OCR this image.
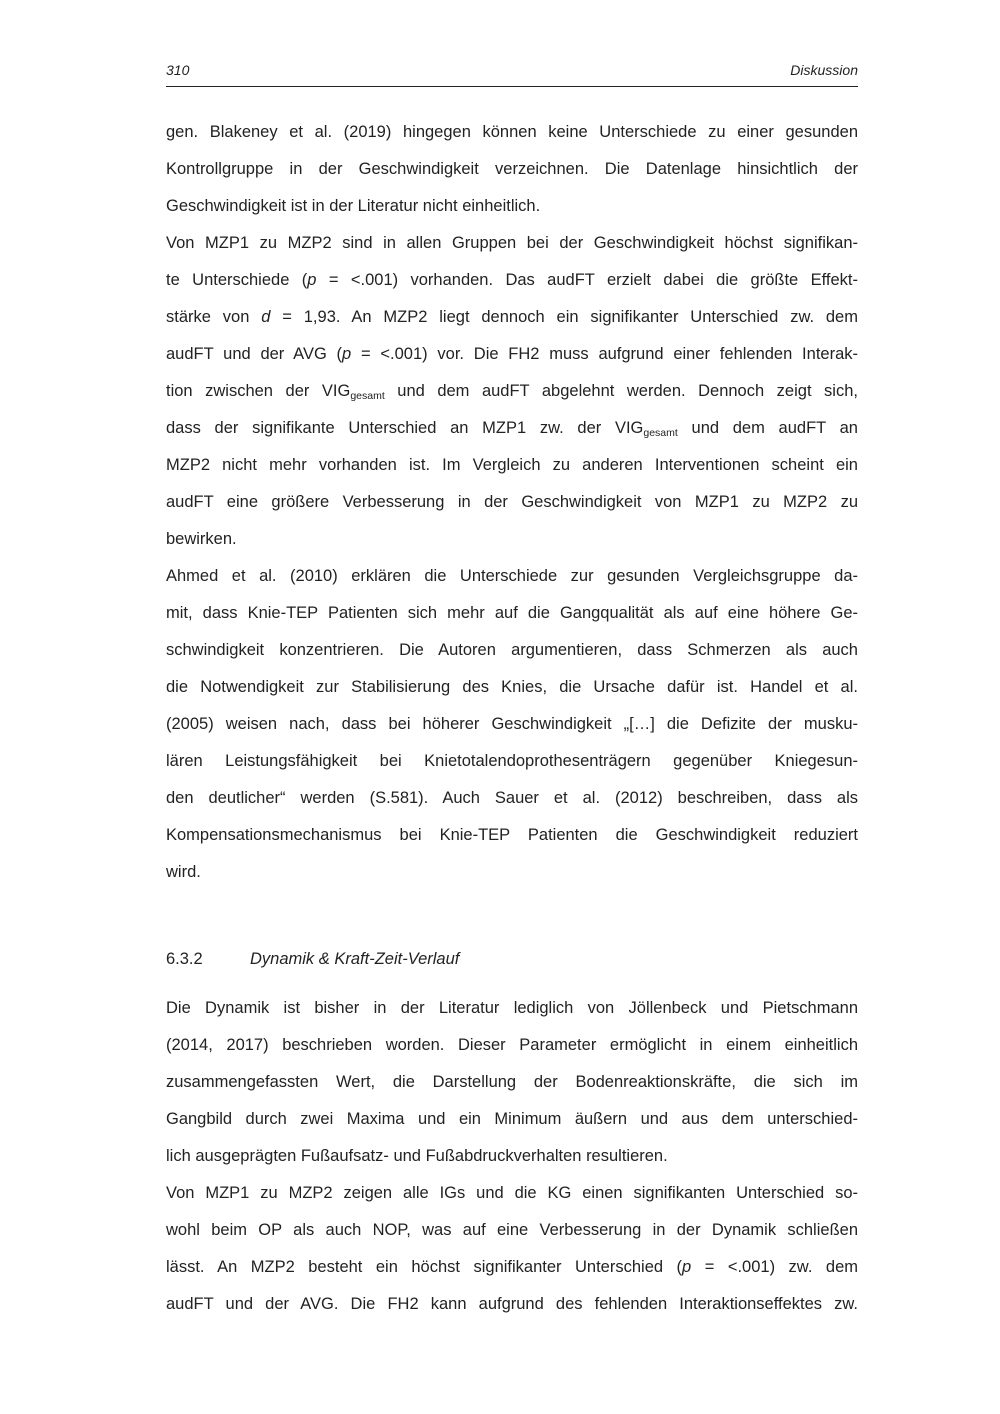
310	Diskussion

gen. Blakeney et al. (2019) hingegen können keine Unterschiede zu einer gesunden
Kontrollgruppe in der Geschwindigkeit verzeichnen. Die Datenlage hinsichtlich der
Geschwindigkeit ist in der Literatur nicht einheitlich.

Von MZP1 zu MZP2 sind in allen Gruppen bei der Geschwindigkeit höchst signifikan-
te Unterschiede (p = <.001) vorhanden. Das audFT erzielt dabei die größte Effekt-
stärke von d = 1,93. An MZP2 liegt dennoch ein signifikanter Unterschied zw. dem
audFT und der AVG (p = <.001) vor. Die FH2 muss aufgrund einer fehlenden Interak-
tion zwischen der $VIG_{gesamt}$ und dem audFT abgelehnt werden. Dennoch zeigt sich,
dass der signifikante Unterschied an MZP1 zw. der $VIG_{gesamt}$ und dem audFT an
MZP2 nicht mehr vorhanden ist. Im Vergleich zu anderen Interventionen scheint ein
audFT eine größere Verbesserung in der Geschwindigkeit von MZP1 zu MZP2 zu
bewirken.

Ahmed et al. (2010) erklären die Unterschiede zur gesunden Vergleichsgruppe da-
mit, dass Knie-TEP Patienten sich mehr auf die Gangqualität als auf eine höhere Ge-
schwindigkeit konzentrieren. Die Autoren argumentieren, dass Schmerzen als auch
die Notwendigkeit zur Stabilisierung des Knies, die Ursache dafür ist. Handel et al.
(2005) weisen nach, dass bei höherer Geschwindigkeit „[…] die Defizite der musku-
lären Leistungsfähigkeit bei Knietotalendoprothesenträgern gegenüber Kniegesun-
den deutlicher“ werden (S.581). Auch Sauer et al. (2012) beschreiben, dass als
Kompensationsmechanismus bei Knie-TEP Patienten die Geschwindigkeit reduziert
wird.

6.3.2	Dynamik & Kraft-Zeit-Verlauf

Die Dynamik ist bisher in der Literatur lediglich von Jöllenbeck und Pietschmann
(2014, 2017) beschrieben worden. Dieser Parameter ermöglicht in einem einheitlich
zusammengefassten Wert, die Darstellung der Bodenreaktionskräfte, die sich im
Gangbild durch zwei Maxima und ein Minimum äußern und aus dem unterschied-
lich ausgeprägten Fußaufsatz- und Fußabdruckverhalten resultieren.

Von MZP1 zu MZP2 zeigen alle IGs und die KG einen signifikanten Unterschied so-
wohl beim OP als auch NOP, was auf eine Verbesserung in der Dynamik schließen
lässt. An MZP2 besteht ein höchst signifikanter Unterschied (p = <.001) zw. dem
audFT und der AVG. Die FH2 kann aufgrund des fehlenden Interaktionseffektes zw.
